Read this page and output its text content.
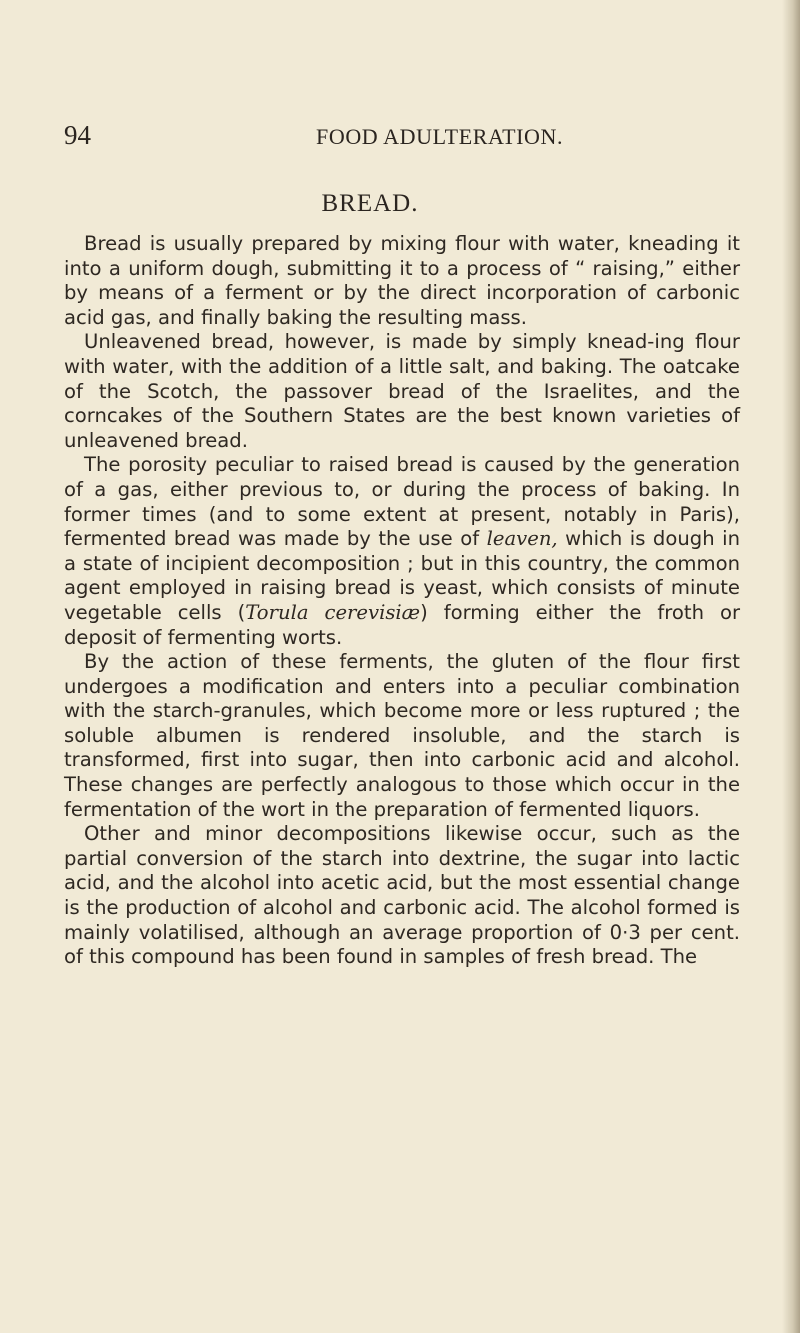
94	FOOD ADULTERATION.
BREAD.

Bread is usually prepared by mixing flour with water, kneading it into a uniform dough, submitting it to a process of “ raising,” either by means of a ferment or by the direct incorporation of carbonic acid gas, and finally baking the resulting mass.

Unleavened bread, however, is made by simply knead-ing flour with water, with the addition of a little salt, and baking. The oatcake of the Scotch, the passover bread of the Israelites, and the corncakes of the Southern States are the best known varieties of unleavened bread.

The porosity peculiar to raised bread is caused by the generation of a gas, either previous to, or during the process of baking. In former times (and to some extent at present, notably in Paris), fermented bread was made by the use of leaven, which is dough in a state of incipient decomposition ; but in this country, the common agent employed in raising bread is yeast, which consists of minute vegetable cells (Torula cerevisiæ) forming either the froth or deposit of fermenting worts.

By the action of these ferments, the gluten of the flour first undergoes a modification and enters into a peculiar combination with the starch-granules, which become more or less ruptured ; the soluble albumen is rendered insoluble, and the starch is transformed, first into sugar, then into carbonic acid and alcohol. These changes are perfectly analogous to those which occur in the fermentation of the wort in the preparation of fermented liquors.

Other and minor decompositions likewise occur, such as the partial conversion of the starch into dextrine, the sugar into lactic acid, and the alcohol into acetic acid, but the most essential change is the production of alcohol and carbonic acid. The alcohol formed is mainly volatilised, although an average proportion of 0·3 per cent. of this compound has been found in samples of fresh bread. The
